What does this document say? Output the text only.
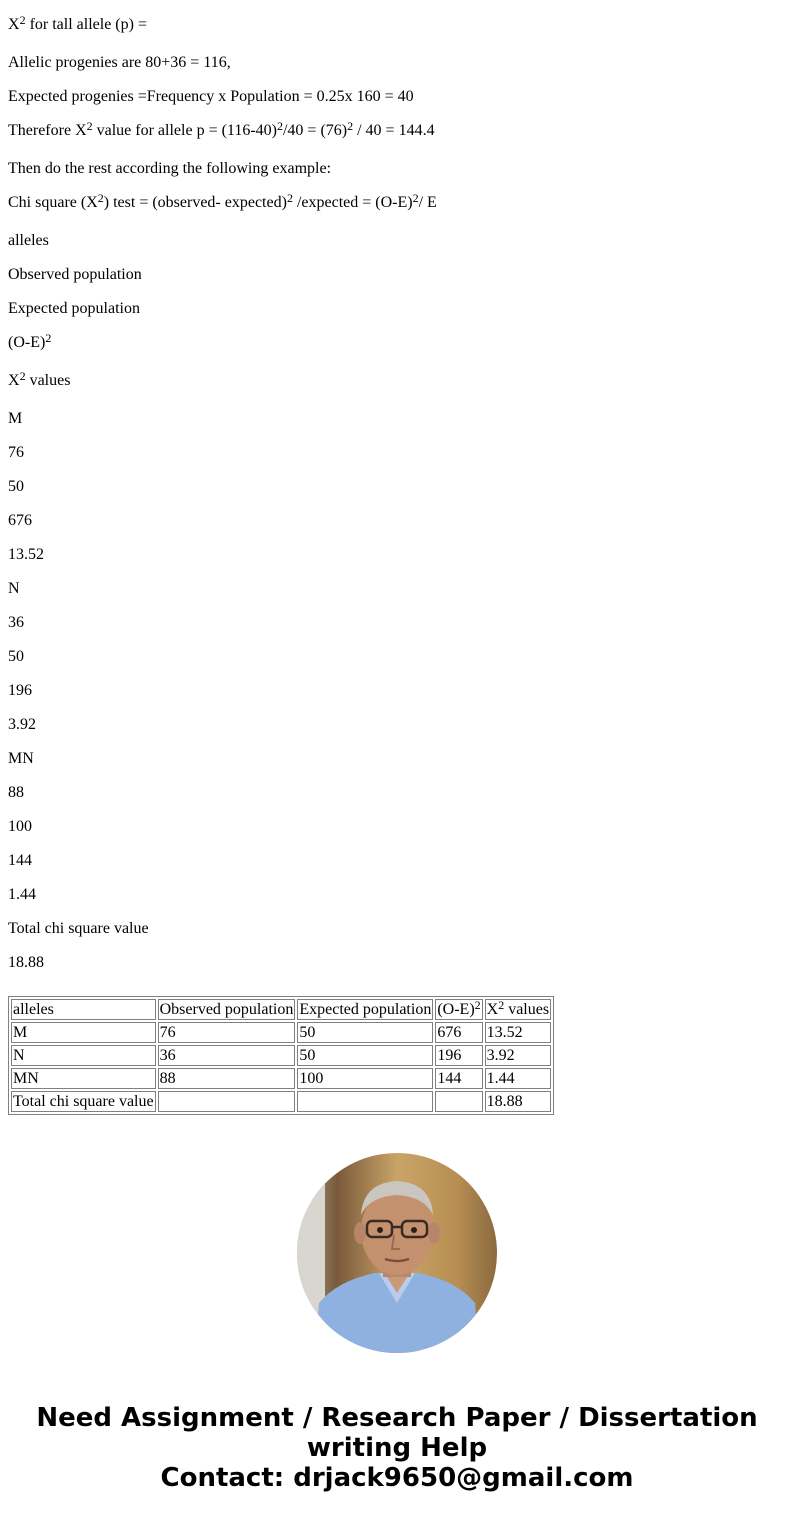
$X^2$ for tall allele (p) =

Allelic progenies are 80+36 = 116,

Expected progenies =Frequency x Population = 0.25x 160 = 40

Therefore $X^2$ value for allele $p = (116-40)^2/40 = (76)^2 / 40 = 144.4$

Then do the rest according the following example:

Chi square $(X^2)$ test = (observed- expected)$^2$ /expected = $(O-E)^2/$ E

alleles

Observed population

Expected population

$(O-E)^2$

$X^2$ values

M

76

50

676

13.52

N

36

50

196

3.92

MN

88

100

144

1.44

Total chi square value

18.88

alleles	Observed population	Expected population	$(O-E)^2$	$X^2$ values
M	76	50	676	13.52
N	36	50	196	3.92
MN	88	100	144	1.44
Total chi square value				18.88
Need Assignment / Research Paper / Dissertation
writing Help
Contact: drjack9650@gmail.com
